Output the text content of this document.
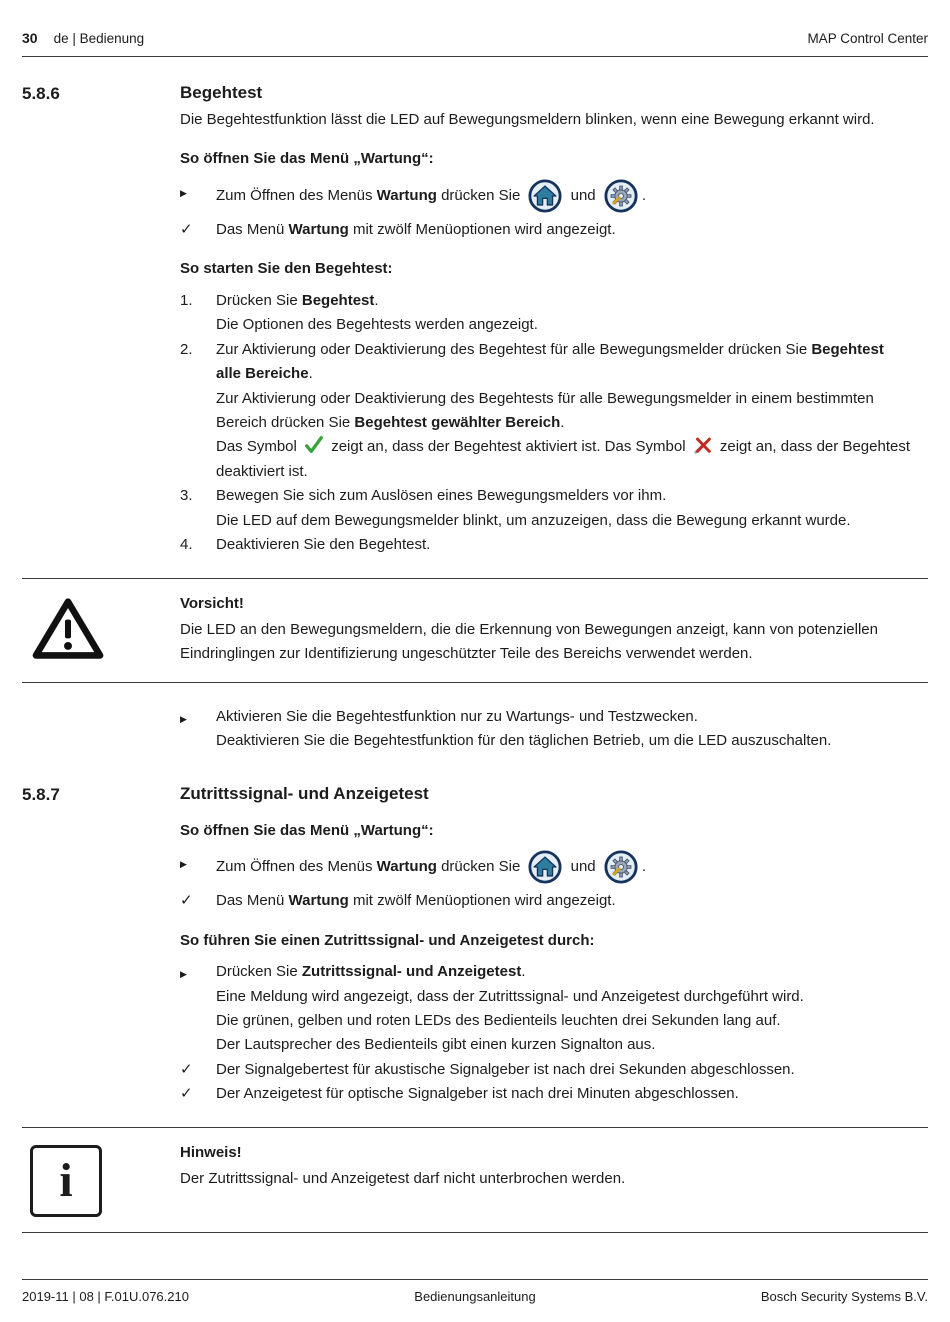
30 de | Bedienung	MAP Control Center
5.8.6	Begehtest

Die Begehtestfunktion lässt die LED auf Bewegungsmeldern blinken, wenn eine Bewegung erkannt wird.

So öffnen Sie das Menü „Wartung“:
▶	Zum Öffnen des Menüs Wartung drücken Sie	und	.
✓	Das Menü Wartung mit zwölf Menüoptionen wird angezeigt.
So starten Sie den Begehtest:
1.	Drücken Sie Begehtest.

Die Optionen des Begehtests werden angezeigt.

2.	Zur Aktivierung oder Deaktivierung des Begehtest für alle Bewegungsmelder drücken Sie Begehtest alle Bereiche.

Zur Aktivierung oder Deaktivierung des Begehtests für alle Bewegungsmelder in einem bestimmten Bereich drücken Sie Begehtest gewählter Bereich.

Das Symbol  zeigt an, dass der Begehtest aktiviert ist. Das Symbol  zeigt an, dass der Begehtest deaktiviert ist.

3.	Bewegen Sie sich zum Auslösen eines Bewegungsmelders vor ihm.

Die LED auf dem Bewegungsmelder blinkt, um anzuzeigen, dass die Bewegung erkannt wurde.

4.	Deaktivieren Sie den Begehtest.

Vorsicht!

Die LED an den Bewegungsmeldern, die die Erkennung von Bewegungen anzeigt, kann von potenziellen Eindringlingen zur Identifizierung ungeschützter Teile des Bereichs verwendet werden.

▶	Aktivieren Sie die Begehtestfunktion nur zu Wartungs- und Testzwecken.

Deaktivieren Sie die Begehtestfunktion für den täglichen Betrieb, um die LED auszuschalten.

5.8.7	Zutrittssignal- und Anzeigetest
So öffnen Sie das Menü „Wartung“:
▶	Zum Öffnen des Menüs Wartung drücken Sie	und	.
✓	Das Menü Wartung mit zwölf Menüoptionen wird angezeigt.
So führen Sie einen Zutrittssignal- und Anzeigetest durch:
▶	Drücken Sie Zutrittssignal- und Anzeigetest.

Eine Meldung wird angezeigt, dass der Zutrittssignal- und Anzeigetest durchgeführt wird.

Die grünen, gelben und roten LEDs des Bedienteils leuchten drei Sekunden lang auf.

Der Lautsprecher des Bedienteils gibt einen kurzen Signalton aus.

✓	Der Signalgebertest für akustische Signalgeber ist nach drei Sekunden abgeschlossen.

✓	Der Anzeigetest für optische Signalgeber ist nach drei Minuten abgeschlossen.

i

Hinweis!

Der Zutrittssignal- und Anzeigetest darf nicht unterbrochen werden.

2019-11 | 08 | F.01U.076.210	Bedienungsanleitung	Bosch Security Systems B.V.
